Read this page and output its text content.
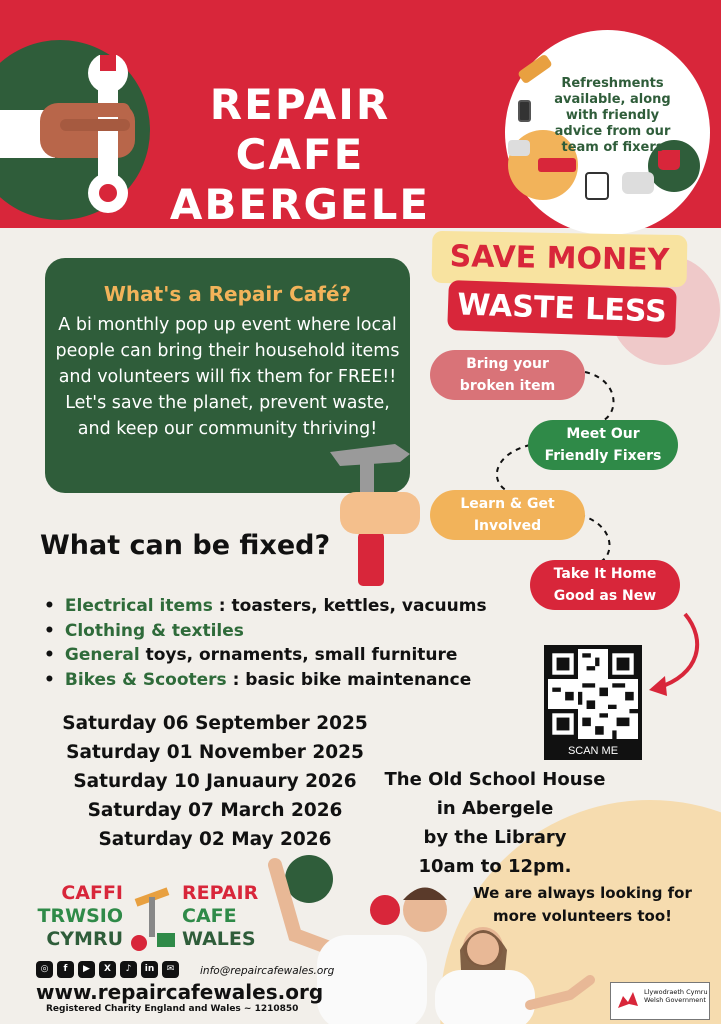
REPAIR CAFE
ABERGELE
Refreshments available, along with friendly advice from our team of fixers
SAVE MONEY
WASTE LESS
What's a Repair Café?
A bi monthly pop up event where local people can bring their household items and volunteers will fix them for FREE!! Let's save the planet, prevent waste, and keep our community thriving!
Bring your
broken item
Meet Our
Friendly Fixers
Learn & Get
Involved
Take It Home
Good as New
What can be fixed?
• Electrical items : toasters, kettles, vacuums
• Clothing & textiles
• General toys, ornaments, small furniture
• Bikes & Scooters : basic bike maintenance
SCAN ME
Saturday 06 September 2025
Saturday 01 November 2025
Saturday 10 Januaury 2026
Saturday 07 March 2026
Saturday 02 May 2026
The Old School House
in Abergele
by the Library
10am to 12pm.
We are always looking for
more volunteers too!
CAFFI
TRWSIO
CYMRU
REPAIR
CAFE
WALES
◎	f	▶	X	♪	in	✉	info@repaircafewales.org
www.repaircafewales.org
Registered Charity England and Wales ~ 1210850
Llywodraeth Cymru Welsh Government
